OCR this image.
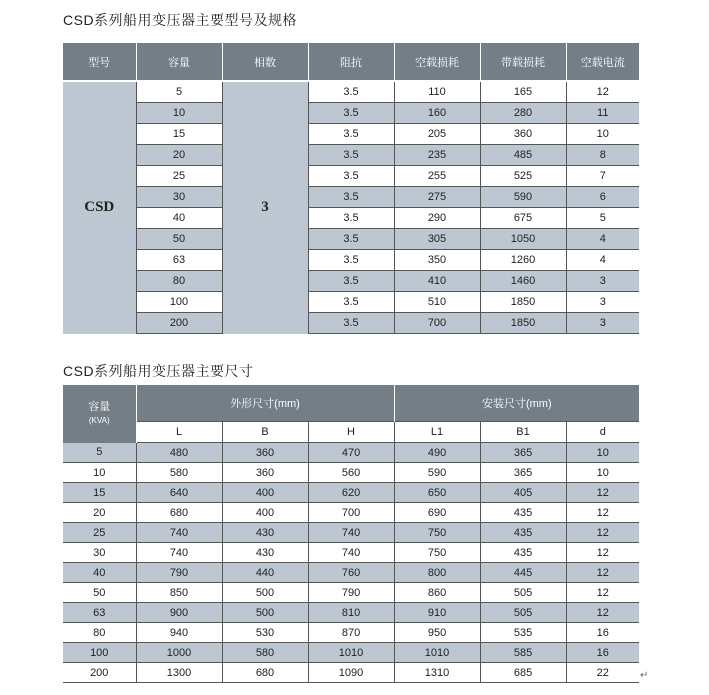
CSD系列船用变压器主要型号及规格
型号	容量	相数	阻抗	空载损耗	带载损耗	空载电流
CSD	5	3	3.5	110	165	12
	10		3.5	160	280	11
	15		3.5	205	360	10
	20		3.5	235	485	8
	25		3.5	255	525	7
	30		3.5	275	590	6
	40		3.5	290	675	5
	50		3.5	305	1050	4
	63		3.5	350	1260	4
	80		3.5	410	1460	3
	100		3.5	510	1850	3
	200		3.5	700	1850	3
CSD系列船用变压器主要尺寸
容量
(KVA)	外形尺寸(mm)			安装尺寸(mm)		
	L	B	H	L1	B1	d
5	480	360	470	490	365	10
10	580	360	560	590	365	10
15	640	400	620	650	405	12
20	680	400	700	690	435	12
25	740	430	740	750	435	12
30	740	430	740	750	435	12
40	790	440	760	800	445	12
50	850	500	790	860	505	12
63	900	500	810	910	505	12
80	940	530	870	950	535	16
100	1000	580	1010	1010	585	16
200	1300	680	1090	1310	685	22	↵
